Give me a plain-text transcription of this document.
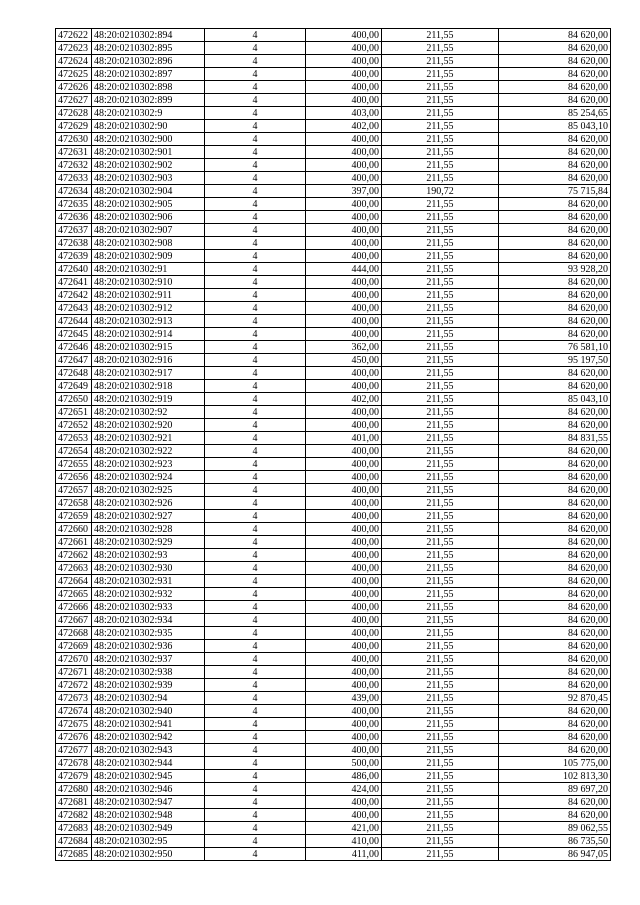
472622	48:20:0210302:894	4	400,00	211,55	84 620,00
472623	48:20:0210302:895	4	400,00	211,55	84 620,00
472624	48:20:0210302:896	4	400,00	211,55	84 620,00
472625	48:20:0210302:897	4	400,00	211,55	84 620,00
472626	48:20:0210302:898	4	400,00	211,55	84 620,00
472627	48:20:0210302:899	4	400,00	211,55	84 620,00
472628	48:20:0210302:9	4	403,00	211,55	85 254,65
472629	48:20:0210302:90	4	402,00	211,55	85 043,10
472630	48:20:0210302:900	4	400,00	211,55	84 620,00
472631	48:20:0210302:901	4	400,00	211,55	84 620,00
472632	48:20:0210302:902	4	400,00	211,55	84 620,00
472633	48:20:0210302:903	4	400,00	211,55	84 620,00
472634	48:20:0210302:904	4	397,00	190,72	75 715,84
472635	48:20:0210302:905	4	400,00	211,55	84 620,00
472636	48:20:0210302:906	4	400,00	211,55	84 620,00
472637	48:20:0210302:907	4	400,00	211,55	84 620,00
472638	48:20:0210302:908	4	400,00	211,55	84 620,00
472639	48:20:0210302:909	4	400,00	211,55	84 620,00
472640	48:20:0210302:91	4	444,00	211,55	93 928,20
472641	48:20:0210302:910	4	400,00	211,55	84 620,00
472642	48:20:0210302:911	4	400,00	211,55	84 620,00
472643	48:20:0210302:912	4	400,00	211,55	84 620,00
472644	48:20:0210302:913	4	400,00	211,55	84 620,00
472645	48:20:0210302:914	4	400,00	211,55	84 620,00
472646	48:20:0210302:915	4	362,00	211,55	76 581,10
472647	48:20:0210302:916	4	450,00	211,55	95 197,50
472648	48:20:0210302:917	4	400,00	211,55	84 620,00
472649	48:20:0210302:918	4	400,00	211,55	84 620,00
472650	48:20:0210302:919	4	402,00	211,55	85 043,10
472651	48:20:0210302:92	4	400,00	211,55	84 620,00
472652	48:20:0210302:920	4	400,00	211,55	84 620,00
472653	48:20:0210302:921	4	401,00	211,55	84 831,55
472654	48:20:0210302:922	4	400,00	211,55	84 620,00
472655	48:20:0210302:923	4	400,00	211,55	84 620,00
472656	48:20:0210302:924	4	400,00	211,55	84 620,00
472657	48:20:0210302:925	4	400,00	211,55	84 620,00
472658	48:20:0210302:926	4	400,00	211,55	84 620,00
472659	48:20:0210302:927	4	400,00	211,55	84 620,00
472660	48:20:0210302:928	4	400,00	211,55	84 620,00
472661	48:20:0210302:929	4	400,00	211,55	84 620,00
472662	48:20:0210302:93	4	400,00	211,55	84 620,00
472663	48:20:0210302:930	4	400,00	211,55	84 620,00
472664	48:20:0210302:931	4	400,00	211,55	84 620,00
472665	48:20:0210302:932	4	400,00	211,55	84 620,00
472666	48:20:0210302:933	4	400,00	211,55	84 620,00
472667	48:20:0210302:934	4	400,00	211,55	84 620,00
472668	48:20:0210302:935	4	400,00	211,55	84 620,00
472669	48:20:0210302:936	4	400,00	211,55	84 620,00
472670	48:20:0210302:937	4	400,00	211,55	84 620,00
472671	48:20:0210302:938	4	400,00	211,55	84 620,00
472672	48:20:0210302:939	4	400,00	211,55	84 620,00
472673	48:20:0210302:94	4	439,00	211,55	92 870,45
472674	48:20:0210302:940	4	400,00	211,55	84 620,00
472675	48:20:0210302:941	4	400,00	211,55	84 620,00
472676	48:20:0210302:942	4	400,00	211,55	84 620,00
472677	48:20:0210302:943	4	400,00	211,55	84 620,00
472678	48:20:0210302:944	4	500,00	211,55	105 775,00
472679	48:20:0210302:945	4	486,00	211,55	102 813,30
472680	48:20:0210302:946	4	424,00	211,55	89 697,20
472681	48:20:0210302:947	4	400,00	211,55	84 620,00
472682	48:20:0210302:948	4	400,00	211,55	84 620,00
472683	48:20:0210302:949	4	421,00	211,55	89 062,55
472684	48:20:0210302:95	4	410,00	211,55	86 735,50
472685	48:20:0210302:950	4	411,00	211,55	86 947,05
